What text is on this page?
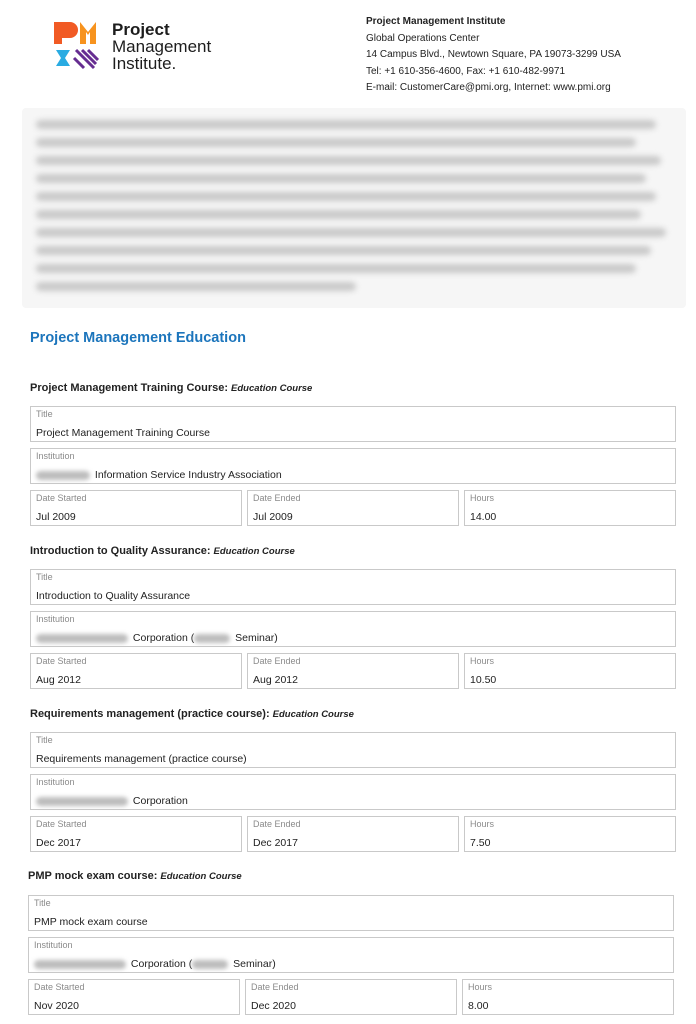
Project
Management
Institute.
Project Management Institute
Global Operations Center
14 Campus Blvd., Newtown Square, PA 19073-3299 USA
Tel: +1 610-356-4600, Fax: +1 610-482-9971
E-mail: CustomerCare@pmi.org, Internet: www.pmi.org
Project Management Education
Project Management Training Course: Education Course
Title
Project Management Training Course
Institution
Information Service Industry Association
Date Started
Jul 2009
Date Ended
Jul 2009
Hours
14.00
Introduction to Quality Assurance: Education Course
Title
Introduction to Quality Assurance
Institution
Corporation (	Seminar)
Date Started
Aug 2012
Date Ended
Aug 2012
Hours
10.50
Requirements management (practice course): Education Course
Title
Requirements management (practice course)
Institution
Corporation
Date Started
Dec 2017
Date Ended
Dec 2017
Hours
7.50
PMP mock exam course: Education Course
Title
PMP mock exam course
Institution
Corporation (	Seminar)
Date Started
Nov 2020
Date Ended
Dec 2020
Hours
8.00
